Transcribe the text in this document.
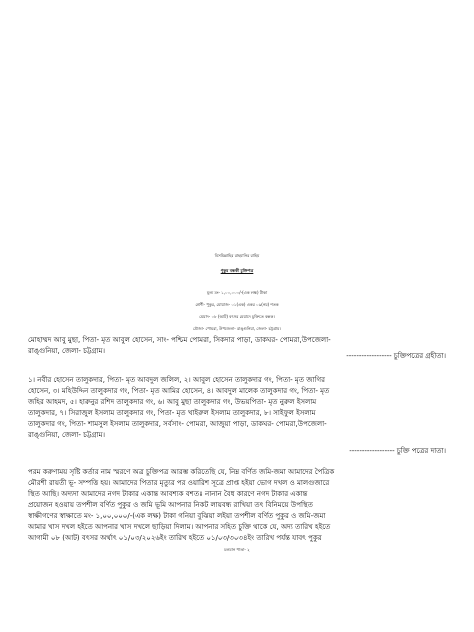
বিসমিল্লাহির রাহমানির রাহিম
পুকুর বন্ধকী চুক্তিপত্র
মূল্য মং- ১,০০,০০০/-(এক লক্ষ) টাকা
শ্রেণী- পুকুর, মোয়াজ- ০১(এক) একর ০৯(নয়) শতক
মেয়াদ- ০৮ (আট) বৎসর মেয়াদে চুক্তিতে বন্ধক।
মৌজা- পোমরা, উপজেলা- রাঙ্গুনিয়া, জেলা- চট্টগ্রাম।
মোহাম্মদ আবু মুছা, পিতা- মৃত আবুল হোসেন, সাং- পশ্চিম পোমরা, সিকদার পাড়া, ডাকঘর- পোমরা,উপজেলা-
রাঙ্গুনিয়া, জেলা- চট্টগ্রাম।
------------------ চুক্তিপত্রের গ্রহীতা।
১। নবীর হোসেন তালুকদার, পিতা- মৃত আবদুল জলিল, ২। আবুল হোসেন তালুকদার গং, পিতা- মৃত জাগির
হোসেন, ৩। মহিউদ্দিন তালুকদার গং, পিতা- মৃত আমির হোসেন, ৪। আবদুল মালেক তালুকদার গং, পিতা- মৃত
জহির আহমদ, ৫। হারুনুর রশিদ তালুকদার গং, ৬। আবু মুছা তালুকদার গং, উভয়পিতা- মৃত নুরুল ইসলাম
তালুকদার, ৭। সিরাজুল ইসলাম তালুকদার গং, পিতা- মৃত খাইরুল ইসলাম তালুকদার, ৮। সাইফুল ইসলাম
তালুকদার গং, পিতা- শামসুল ইসলাম তালুকদার, সর্বসাং- পোমরা, আজুয়া পাড়া, ডাকঘর- পোমরা,উপজেলা-
রাঙ্গুনিয়া, জেলা- চট্টগ্রাম।
------------------ চুক্তি পত্রের দাতা।
পরম করুণাময় সৃষ্টি কর্তার নাম স্মরণে অত্র চুক্তিপত্র আরম্ভ করিতেছি যে, নিম্ন বর্ণিত জমি-জমা আমাদের পৈত্রিক
মৌরশী রায়তী ভূ- সম্পত্তি হয়। আমাদের পিতার মৃত্যুর পর ওয়ারিশ সূত্রে প্রাপ্ত হইয়া ভোগ দখল ও মালগুজারে
স্থিত আছি। অদ্যদা আমাদের নগদ টাকার একান্ত আবশ্যক বশতঃ নানান বৈধ কারণে নগদ টাকার একান্ত
প্রয়োজন হওয়ায় তপশীল বর্ণিত পুকুর ও জমি ভূমি আপনার নিকট লায়বন্ধ রাখিয়া তৎ বিনিময়ে উপস্থিত
স্বাক্ষীগণের স্বাক্ষাতে মং- ১,০০,০০০/-(এক লক্ষ) টাকা গনিয়া বুঝিয়া লইয়া তপশীল বর্ণিত পুকুর ও জমি-জমা
আমার খাস দখল হইতে আপনার খাস দখলে ছাড়িয়া দিলাম। আপনার সহিত চুক্তি থাকে যে, অদ্য তারিখ হইতে
আগামী ০৮ (আট) বৎসর অর্থাৎ ০১/০৩/২০২৬ইং তারিখ হইতে ০১/০৩/৩০৩৪ইং তারিখ পর্যন্ত যাবৎ পুকুর
চলমান পাতা- ২
